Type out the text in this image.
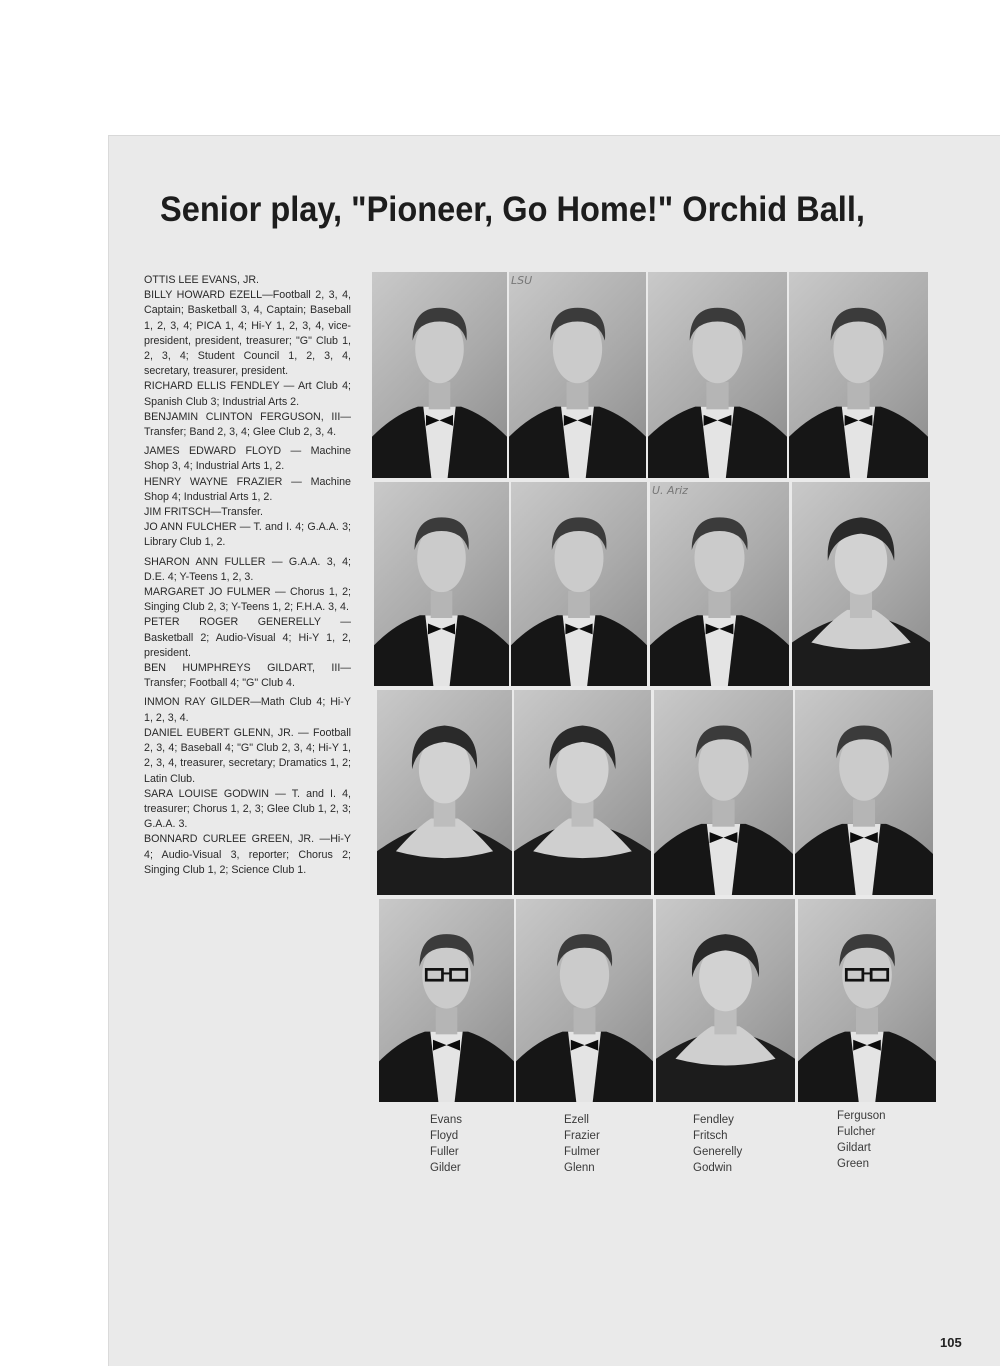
Senior play, "Pioneer, Go Home!" Orchid Ball,

OTTIS LEE EVANS, JR.

BILLY HOWARD EZELL—Football 2, 3, 4, Captain; Basketball 3, 4, Captain; Baseball 1, 2, 3, 4; PICA 1, 4; Hi-Y 1, 2, 3, 4, vice-president, president, treasurer; "G" Club 1, 2, 3, 4; Student Council 1, 2, 3, 4, secretary, treasurer, president.

RICHARD ELLIS FENDLEY — Art Club 4; Spanish Club 3; Industrial Arts 2.

BENJAMIN CLINTON FERGUSON, III—Transfer; Band 2, 3, 4; Glee Club 2, 3, 4.

JAMES EDWARD FLOYD — Machine Shop 3, 4; Industrial Arts 1, 2.

HENRY WAYNE FRAZIER — Machine Shop 4; Industrial Arts 1, 2.

JIM FRITSCH—Transfer.

JO ANN FULCHER — T. and I. 4; G.A.A. 3; Library Club 1, 2.

SHARON ANN FULLER — G.A.A. 3, 4; D.E. 4; Y-Teens 1, 2, 3.

MARGARET JO FULMER — Chorus 1, 2; Singing Club 2, 3; Y-Teens 1, 2; F.H.A. 3, 4.

PETER ROGER GENERELLY — Basketball 2; Audio-Visual 4; Hi-Y 1, 2, president.

BEN HUMPHREYS GILDART, III—Transfer; Football 4; "G" Club 4.

INMON RAY GILDER—Math Club 4; Hi-Y 1, 2, 3, 4.

DANIEL EUBERT GLENN, JR. — Football 2, 3, 4; Baseball 4; "G" Club 2, 3, 4; Hi-Y 1, 2, 3, 4, treasurer, secretary; Dramatics 1, 2; Latin Club.

SARA LOUISE GODWIN — T. and I. 4, treasurer; Chorus 1, 2, 3; Glee Club 1, 2, 3; G.A.A. 3.

BONNARD CURLEE GREEN, JR. —Hi-Y 4; Audio-Visual 3, reporter; Chorus 2; Singing Club 1, 2; Science Club 1.

LSU
U. Ariz
Evans
Floyd
Fuller
Gilder
Ezell
Frazier
Fulmer
Glenn
Fendley
Fritsch
Generelly
Godwin
Ferguson
Fulcher
Gildart
Green
105
